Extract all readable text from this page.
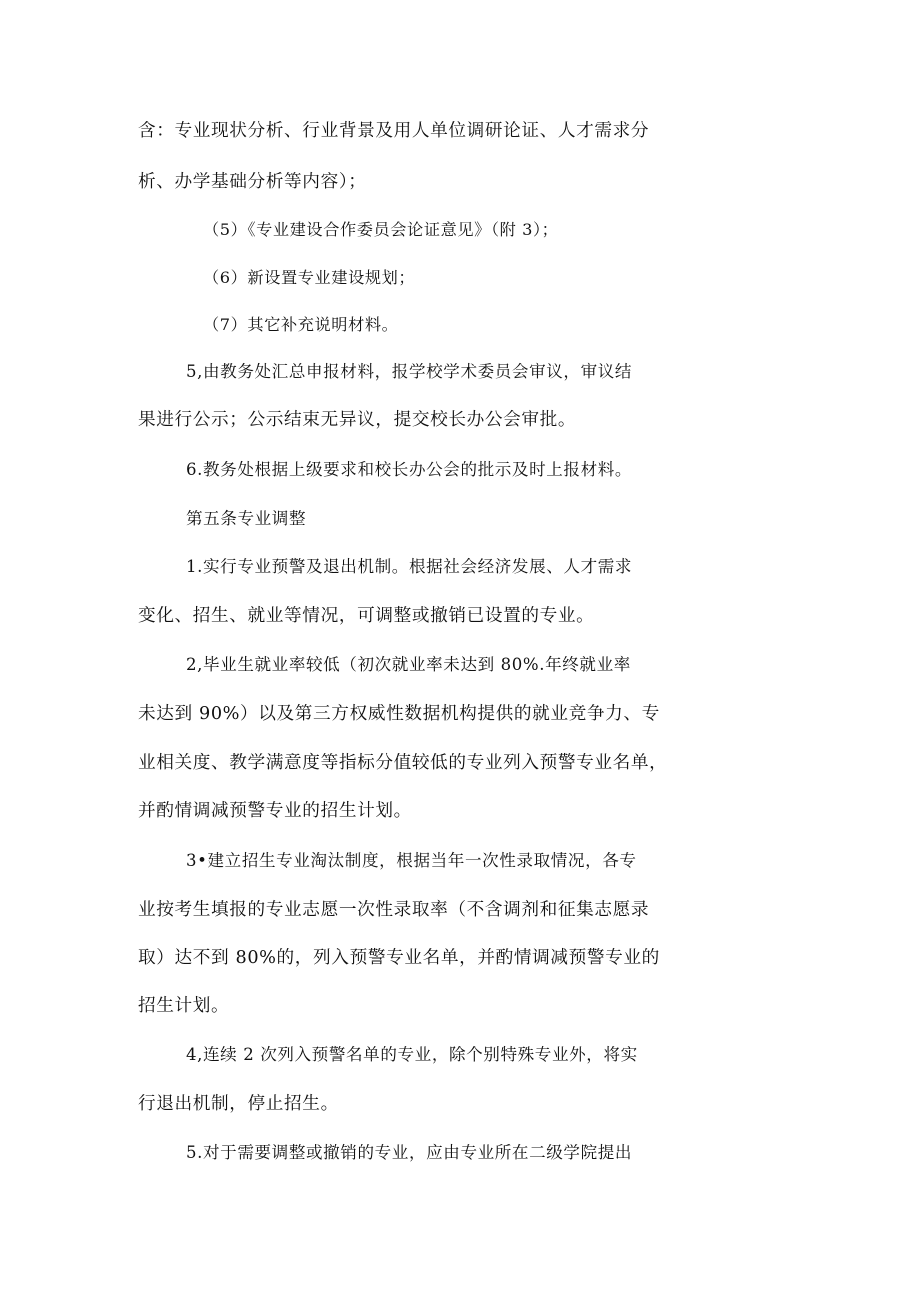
含：专业现状分析、行业背景及用人单位调研论证、人才需求分
析、办学基础分析等内容）；
（5）《专业建设合作委员会论证意见》（附 3）；
（6）新设置专业建设规划；
（7）其它补充说明材料。
5,由教务处汇总申报材料，报学校学术委员会审议，审议结
果进行公示；公示结束无异议，提交校长办公会审批。
6.教务处根据上级要求和校长办公会的批示及时上报材料。
第五条专业调整
1.实行专业预警及退出机制。根据社会经济发展、人才需求
变化、招生、就业等情况，可调整或撤销已设置的专业。
2,毕业生就业率较低（初次就业率未达到 80%.年终就业率
未达到 90%）以及第三方权威性数据机构提供的就业竞争力、专
业相关度、教学满意度等指标分值较低的专业列入预警专业名单，
并酌情调减预警专业的招生计划。
3•建立招生专业淘汰制度，根据当年一次性录取情况，各专
业按考生填报的专业志愿一次性录取率（不含调剂和征集志愿录
取）达不到 80%的，列入预警专业名单，并酌情调减预警专业的
招生计划。
4,连续 2 次列入预警名单的专业，除个别特殊专业外，将实
行退出机制，停止招生。
5.对于需要调整或撤销的专业，应由专业所在二级学院提出
